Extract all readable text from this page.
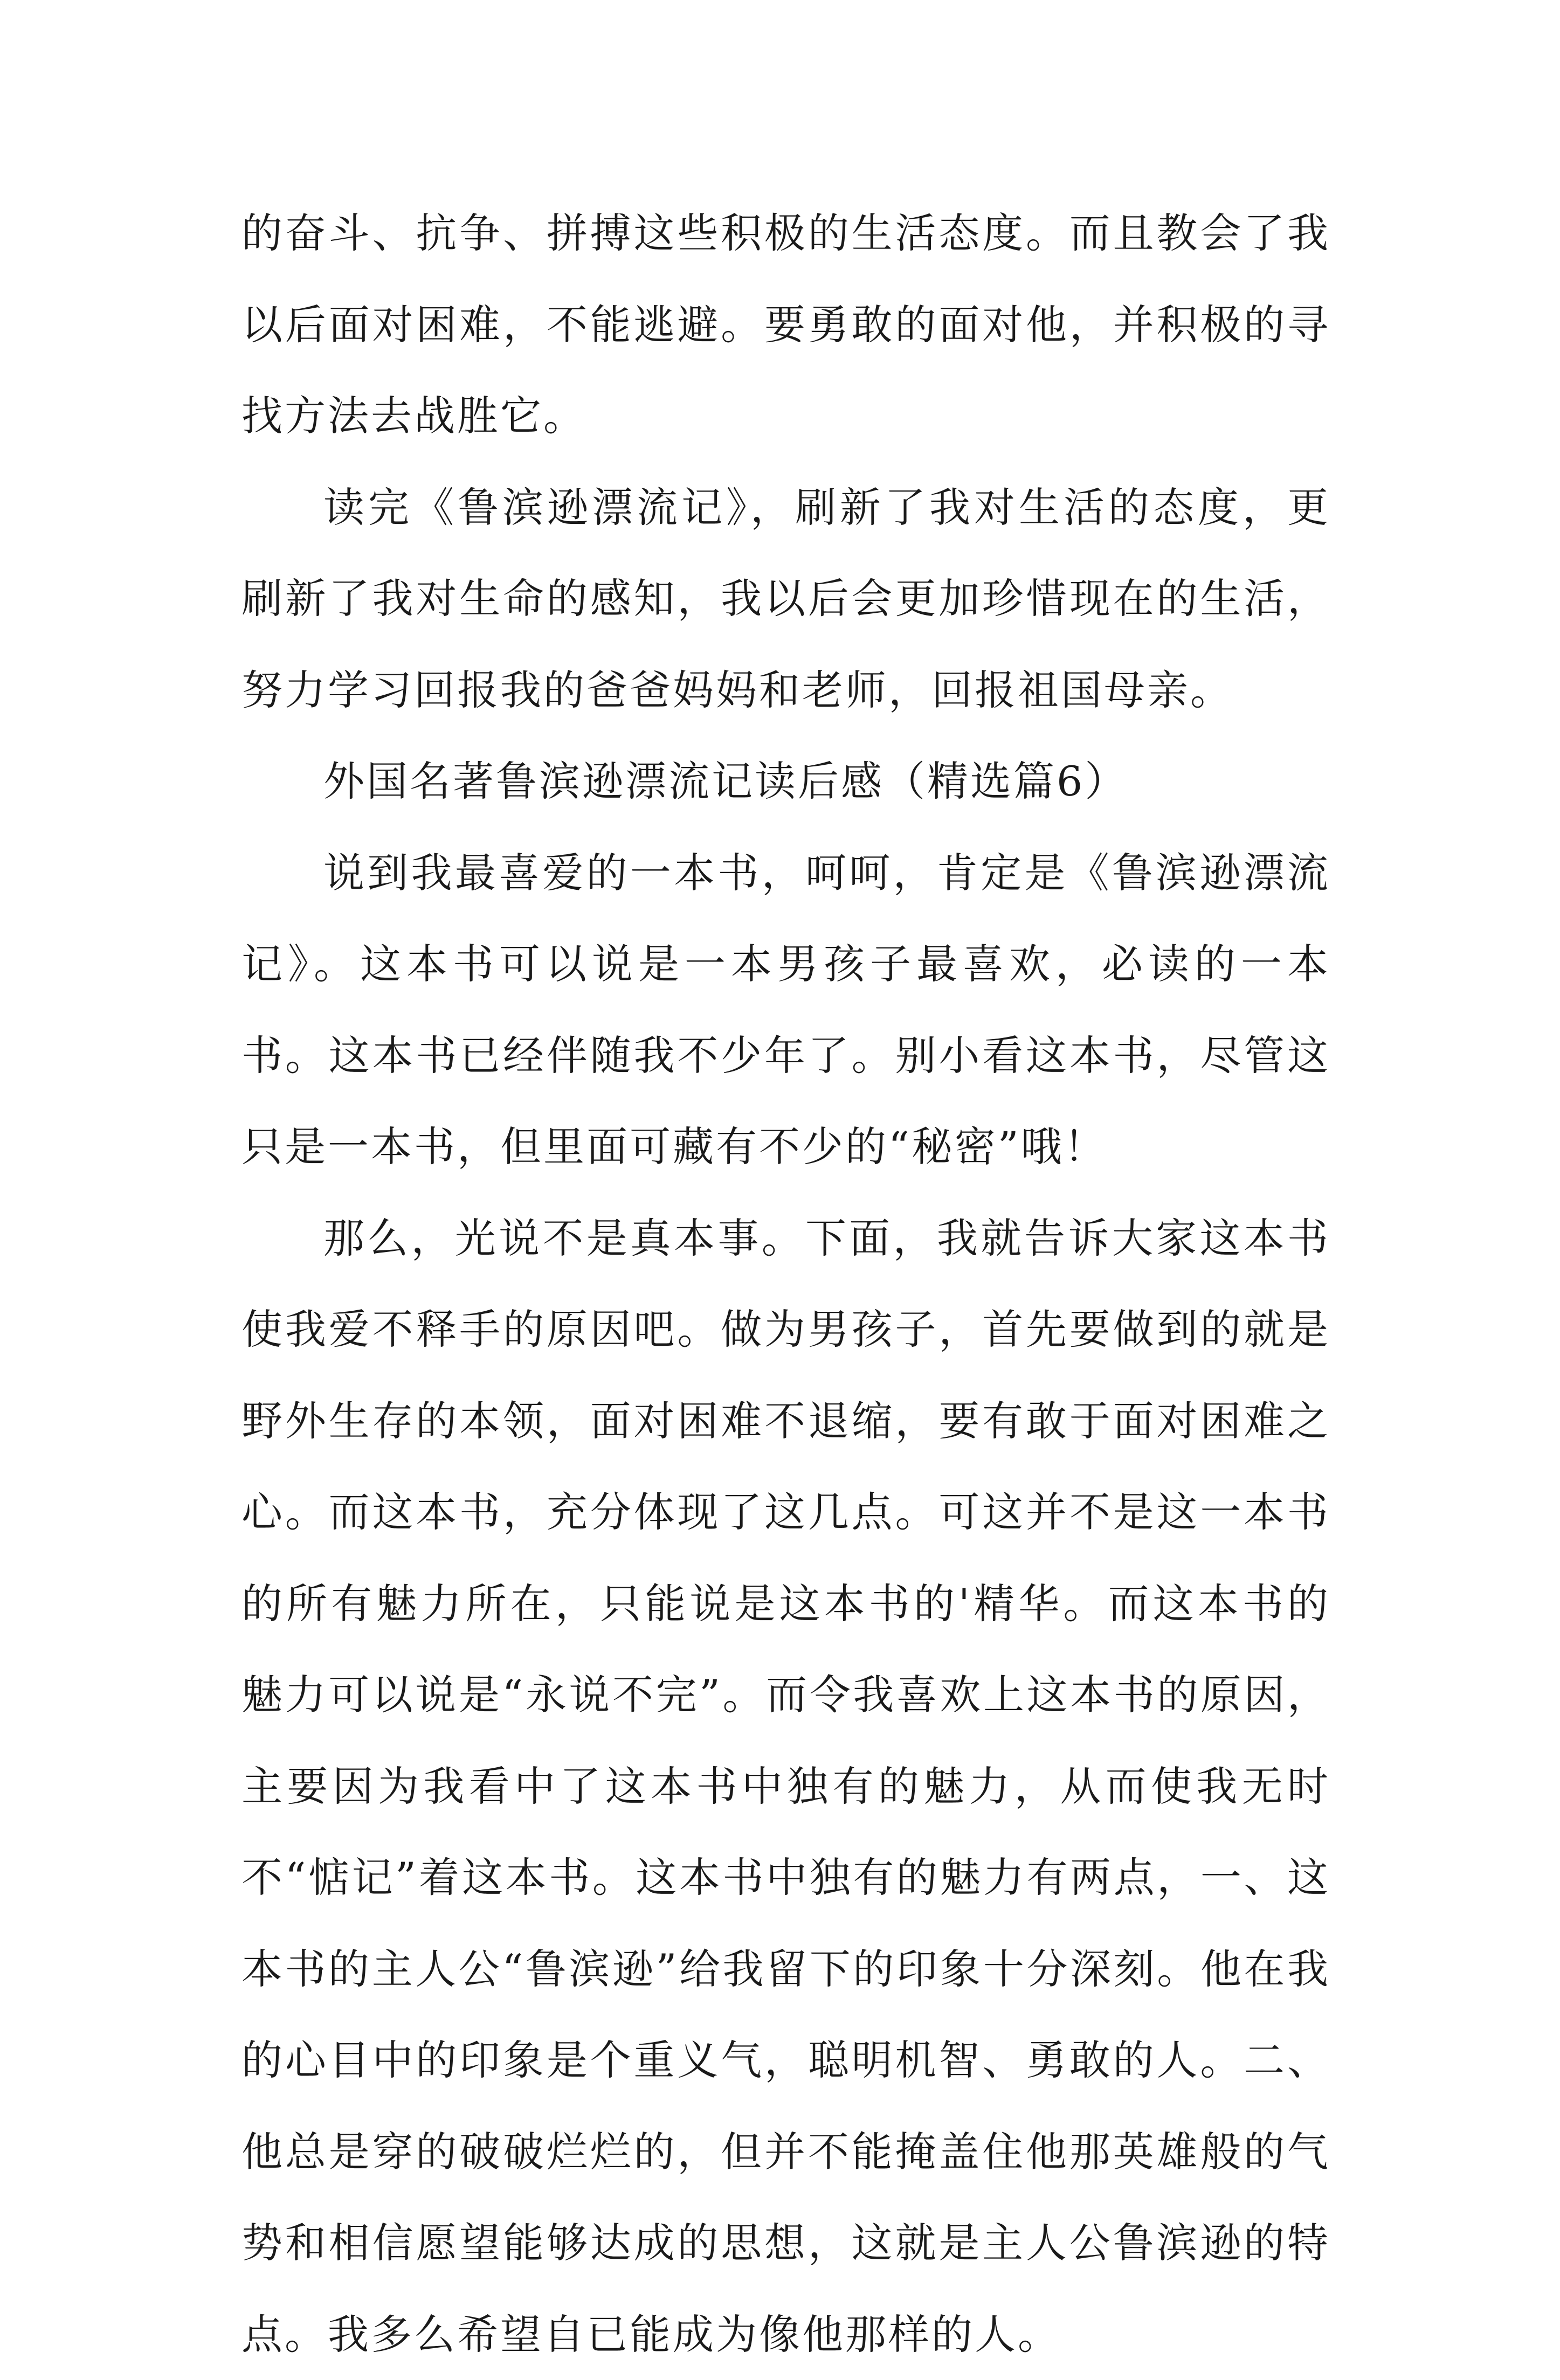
的奋斗、抗争、拼搏这些积极的生活态度。而且教会了我以后面对困难，不能逃避。要勇敢的面对他，并积极的寻找方法去战胜它。

读完《鲁滨逊漂流记》，刷新了我对生活的态度，更刷新了我对生命的感知，我以后会更加珍惜现在的生活，努力学习回报我的爸爸妈妈和老师，回报祖国母亲。

外国名著鲁滨逊漂流记读后感（精选篇6）

说到我最喜爱的一本书，呵呵，肯定是《鲁滨逊漂流记》。这本书可以说是一本男孩子最喜欢，必读的一本书。这本书已经伴随我不少年了。别小看这本书，尽管这只是一本书，但里面可藏有不少的“秘密”哦！

那么，光说不是真本事。下面，我就告诉大家这本书使我爱不释手的原因吧。做为男孩子，首先要做到的就是野外生存的本领，面对困难不退缩，要有敢于面对困难之心。而这本书，充分体现了这几点。可这并不是这一本书的所有魅力所在，只能说是这本书的'精华。而这本书的魅力可以说是“永说不完”。而令我喜欢上这本书的原因，主要因为我看中了这本书中独有的魅力，从而使我无时不“惦记”着这本书。这本书中独有的魅力有两点，一、这本书的主人公“鲁滨逊”给我留下的印象十分深刻。他在我的心目中的印象是个重义气，聪明机智、勇敢的人。二、他总是穿的破破烂烂的，但并不能掩盖住他那英雄般的气势和相信愿望能够达成的思想，这就是主人公鲁滨逊的特点。我多么希望自已能成为像他那样的人。
